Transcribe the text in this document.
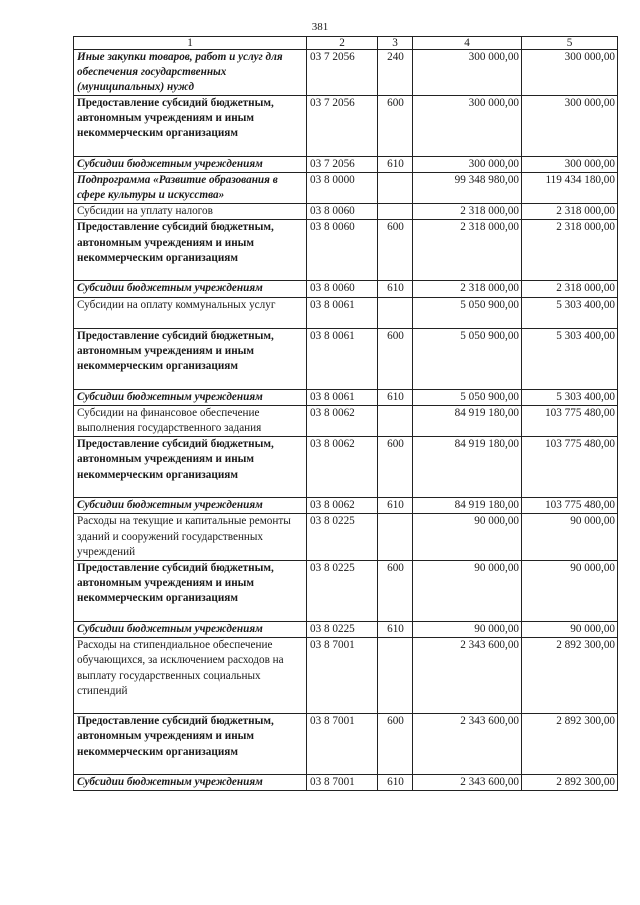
381
1	2	3	4	5
Иные закупки товаров, работ и услуг для обеспечения государственных (муниципальных) нужд	03 7 2056	240	300 000,00	300 000,00
Предоставление субсидий бюджетным, автономным учреждениям и иным некоммерческим организациям	03 7 2056	600	300 000,00	300 000,00
Субсидии бюджетным учреждениям	03 7 2056	610	300 000,00	300 000,00
Подпрограмма «Развитие образования в сфере культуры и искусства»	03 8 0000		99 348 980,00	119 434 180,00
Субсидии на уплату налогов	03 8 0060		2 318 000,00	2 318 000,00
Предоставление субсидий бюджетным, автономным учреждениям и иным некоммерческим организациям	03 8 0060	600	2 318 000,00	2 318 000,00
Субсидии бюджетным учреждениям	03 8 0060	610	2 318 000,00	2 318 000,00
Субсидии на оплату коммунальных услуг	03 8 0061		5 050 900,00	5 303 400,00
Предоставление субсидий бюджетным, автономным учреждениям и иным некоммерческим организациям	03 8 0061	600	5 050 900,00	5 303 400,00
Субсидии бюджетным учреждениям	03 8 0061	610	5 050 900,00	5 303 400,00
Субсидии на финансовое обеспечение выполнения государственного задания	03 8 0062		84 919 180,00	103 775 480,00
Предоставление субсидий бюджетным, автономным учреждениям и иным некоммерческим организациям	03 8 0062	600	84 919 180,00	103 775 480,00
Субсидии бюджетным учреждениям	03 8 0062	610	84 919 180,00	103 775 480,00
Расходы на текущие и капитальные ремонты зданий и сооружений государственных учреждений	03 8 0225		90 000,00	90 000,00
Предоставление субсидий бюджетным, автономным учреждениям и иным некоммерческим организациям	03 8 0225	600	90 000,00	90 000,00
Субсидии бюджетным учреждениям	03 8 0225	610	90 000,00	90 000,00
Расходы на стипендиальное обеспечение обучающихся, за исключением расходов на выплату государственных социальных стипендий	03 8 7001		2 343 600,00	2 892 300,00
Предоставление субсидий бюджетным, автономным учреждениям и иным некоммерческим организациям	03 8 7001	600	2 343 600,00	2 892 300,00
Субсидии бюджетным учреждениям	03 8 7001	610	2 343 600,00	2 892 300,00
